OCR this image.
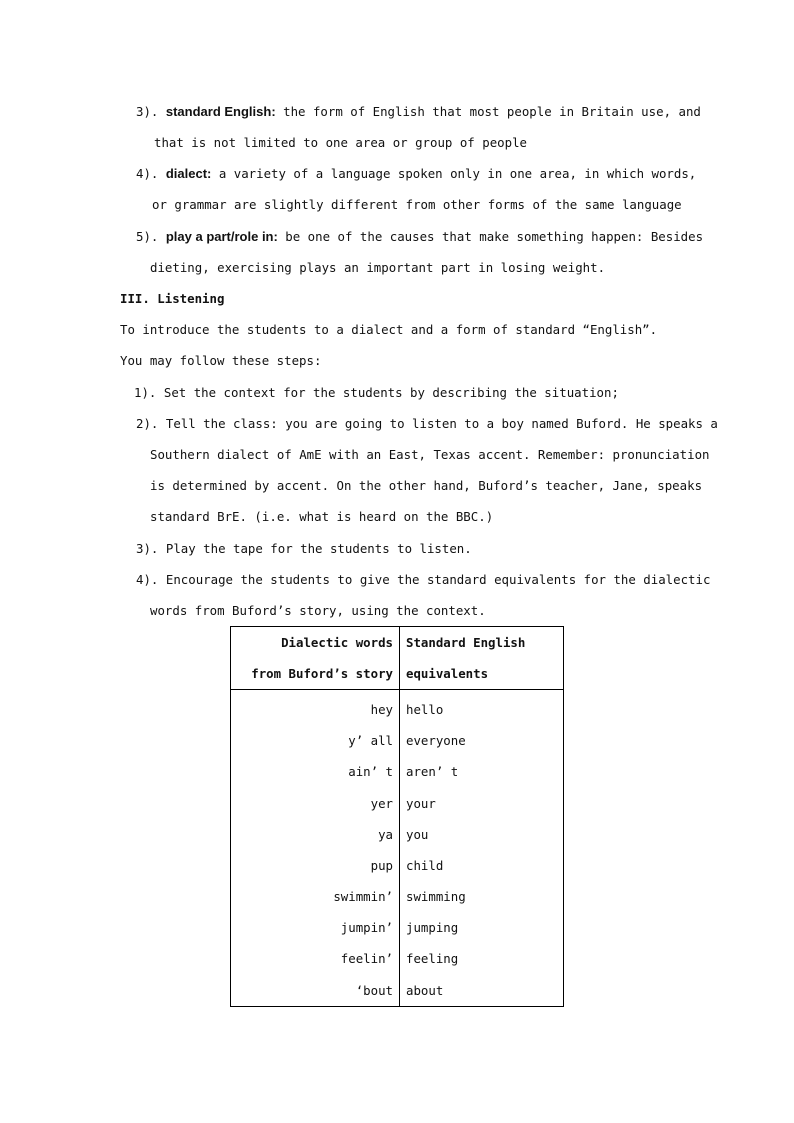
3). standard English: the form of English that most people in Britain use, and
that is not limited to one area or group of people
4). dialect: a variety of a language spoken only in one area, in which words,
or grammar are slightly different from other forms of the same language
5). play a part/role in: be one of the causes that make something happen: Besides
dieting, exercising plays an important part in losing weight.
III. Listening
To introduce the students to a dialect and a form of standard “English”.
You may follow these steps:
1). Set the context for the students by describing the situation;
2). Tell the class: you are going to listen to a boy named Buford. He speaks a
Southern dialect of AmE with an East, Texas accent. Remember: pronunciation
is determined by accent. On the other hand, Buford’s teacher, Jane, speaks
standard BrE. (i.e. what is heard on the BBC.)
3). Play the tape for the students to listen.
4). Encourage the students to give the standard equivalents for the dialectic
words from Buford’s story, using the context.
Dialectic words	Standard English
from Buford’s story	equivalents
hey	hello
y’ all	everyone
ain’ t	aren’ t
yer	your
ya	you
pup	child
swimmin’	swimming
jumpin’	jumping
feelin’	feeling
‘bout	about
